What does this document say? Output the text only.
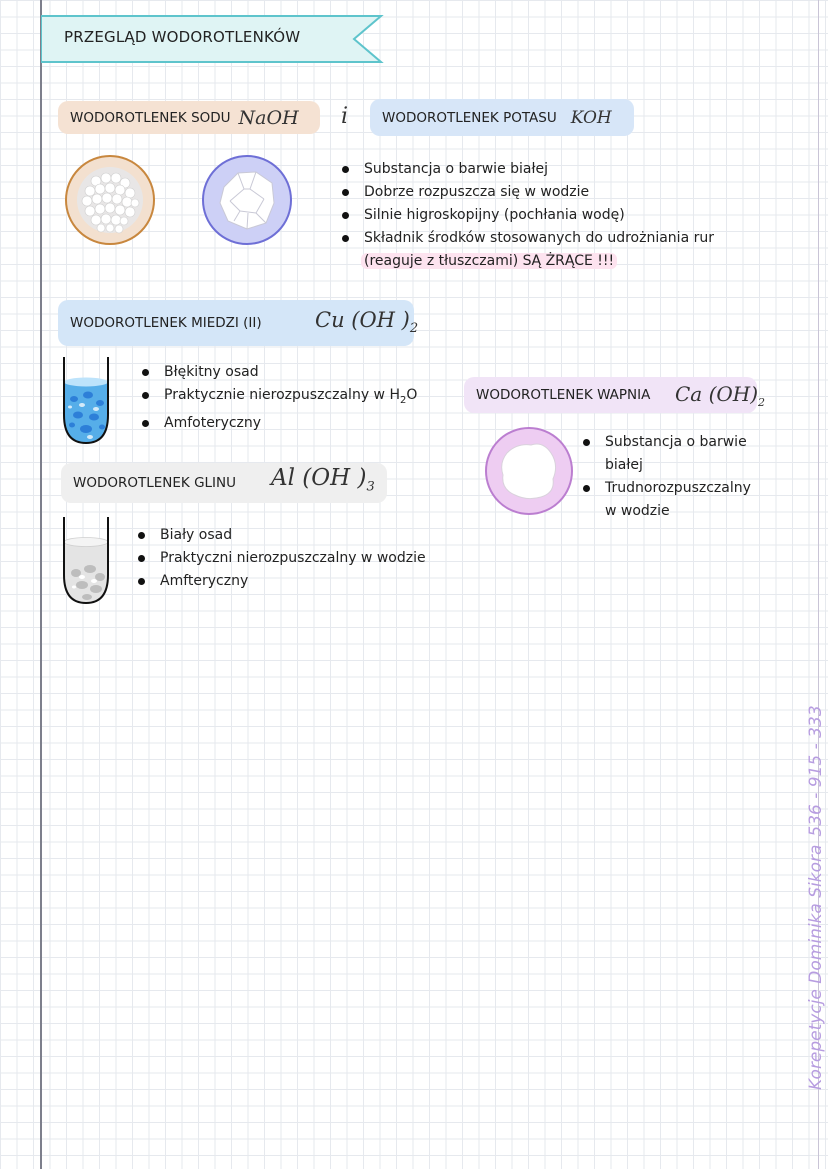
PRZEGLĄD WODOROTLENKÓW
WODOROTLENEK SODU NaOH i	WODOROTLENEK POTASU KOH
Substancja o barwie białej
Dobrze rozpuszcza się w wodzie
Silnie higroskopijny (pochłania wodę)
Składnik środków stosowanych do udrożniania rur
(reaguje z tłuszczami) SĄ ŻRĄCE !!!
WODOROTLENEK MIEDZI (II)	Cu (OH )$_2$
Błękitny osad
Praktycznie nierozpuszczalny w $H_2O$
Amfoteryczny
WODOROTLENEK WAPNIA Ca $(OH)_2$
Substancja o barwie
białej
Trudnorozpuszczalny
w wodzie
WODOROTLENEK GLINU Al (OH )$_3$
Biały osad
Praktyczni nierozpuszczalny w wodzie
Amfteryczny
Korepetycje Dominika Sikora
536 - 915 - 333
